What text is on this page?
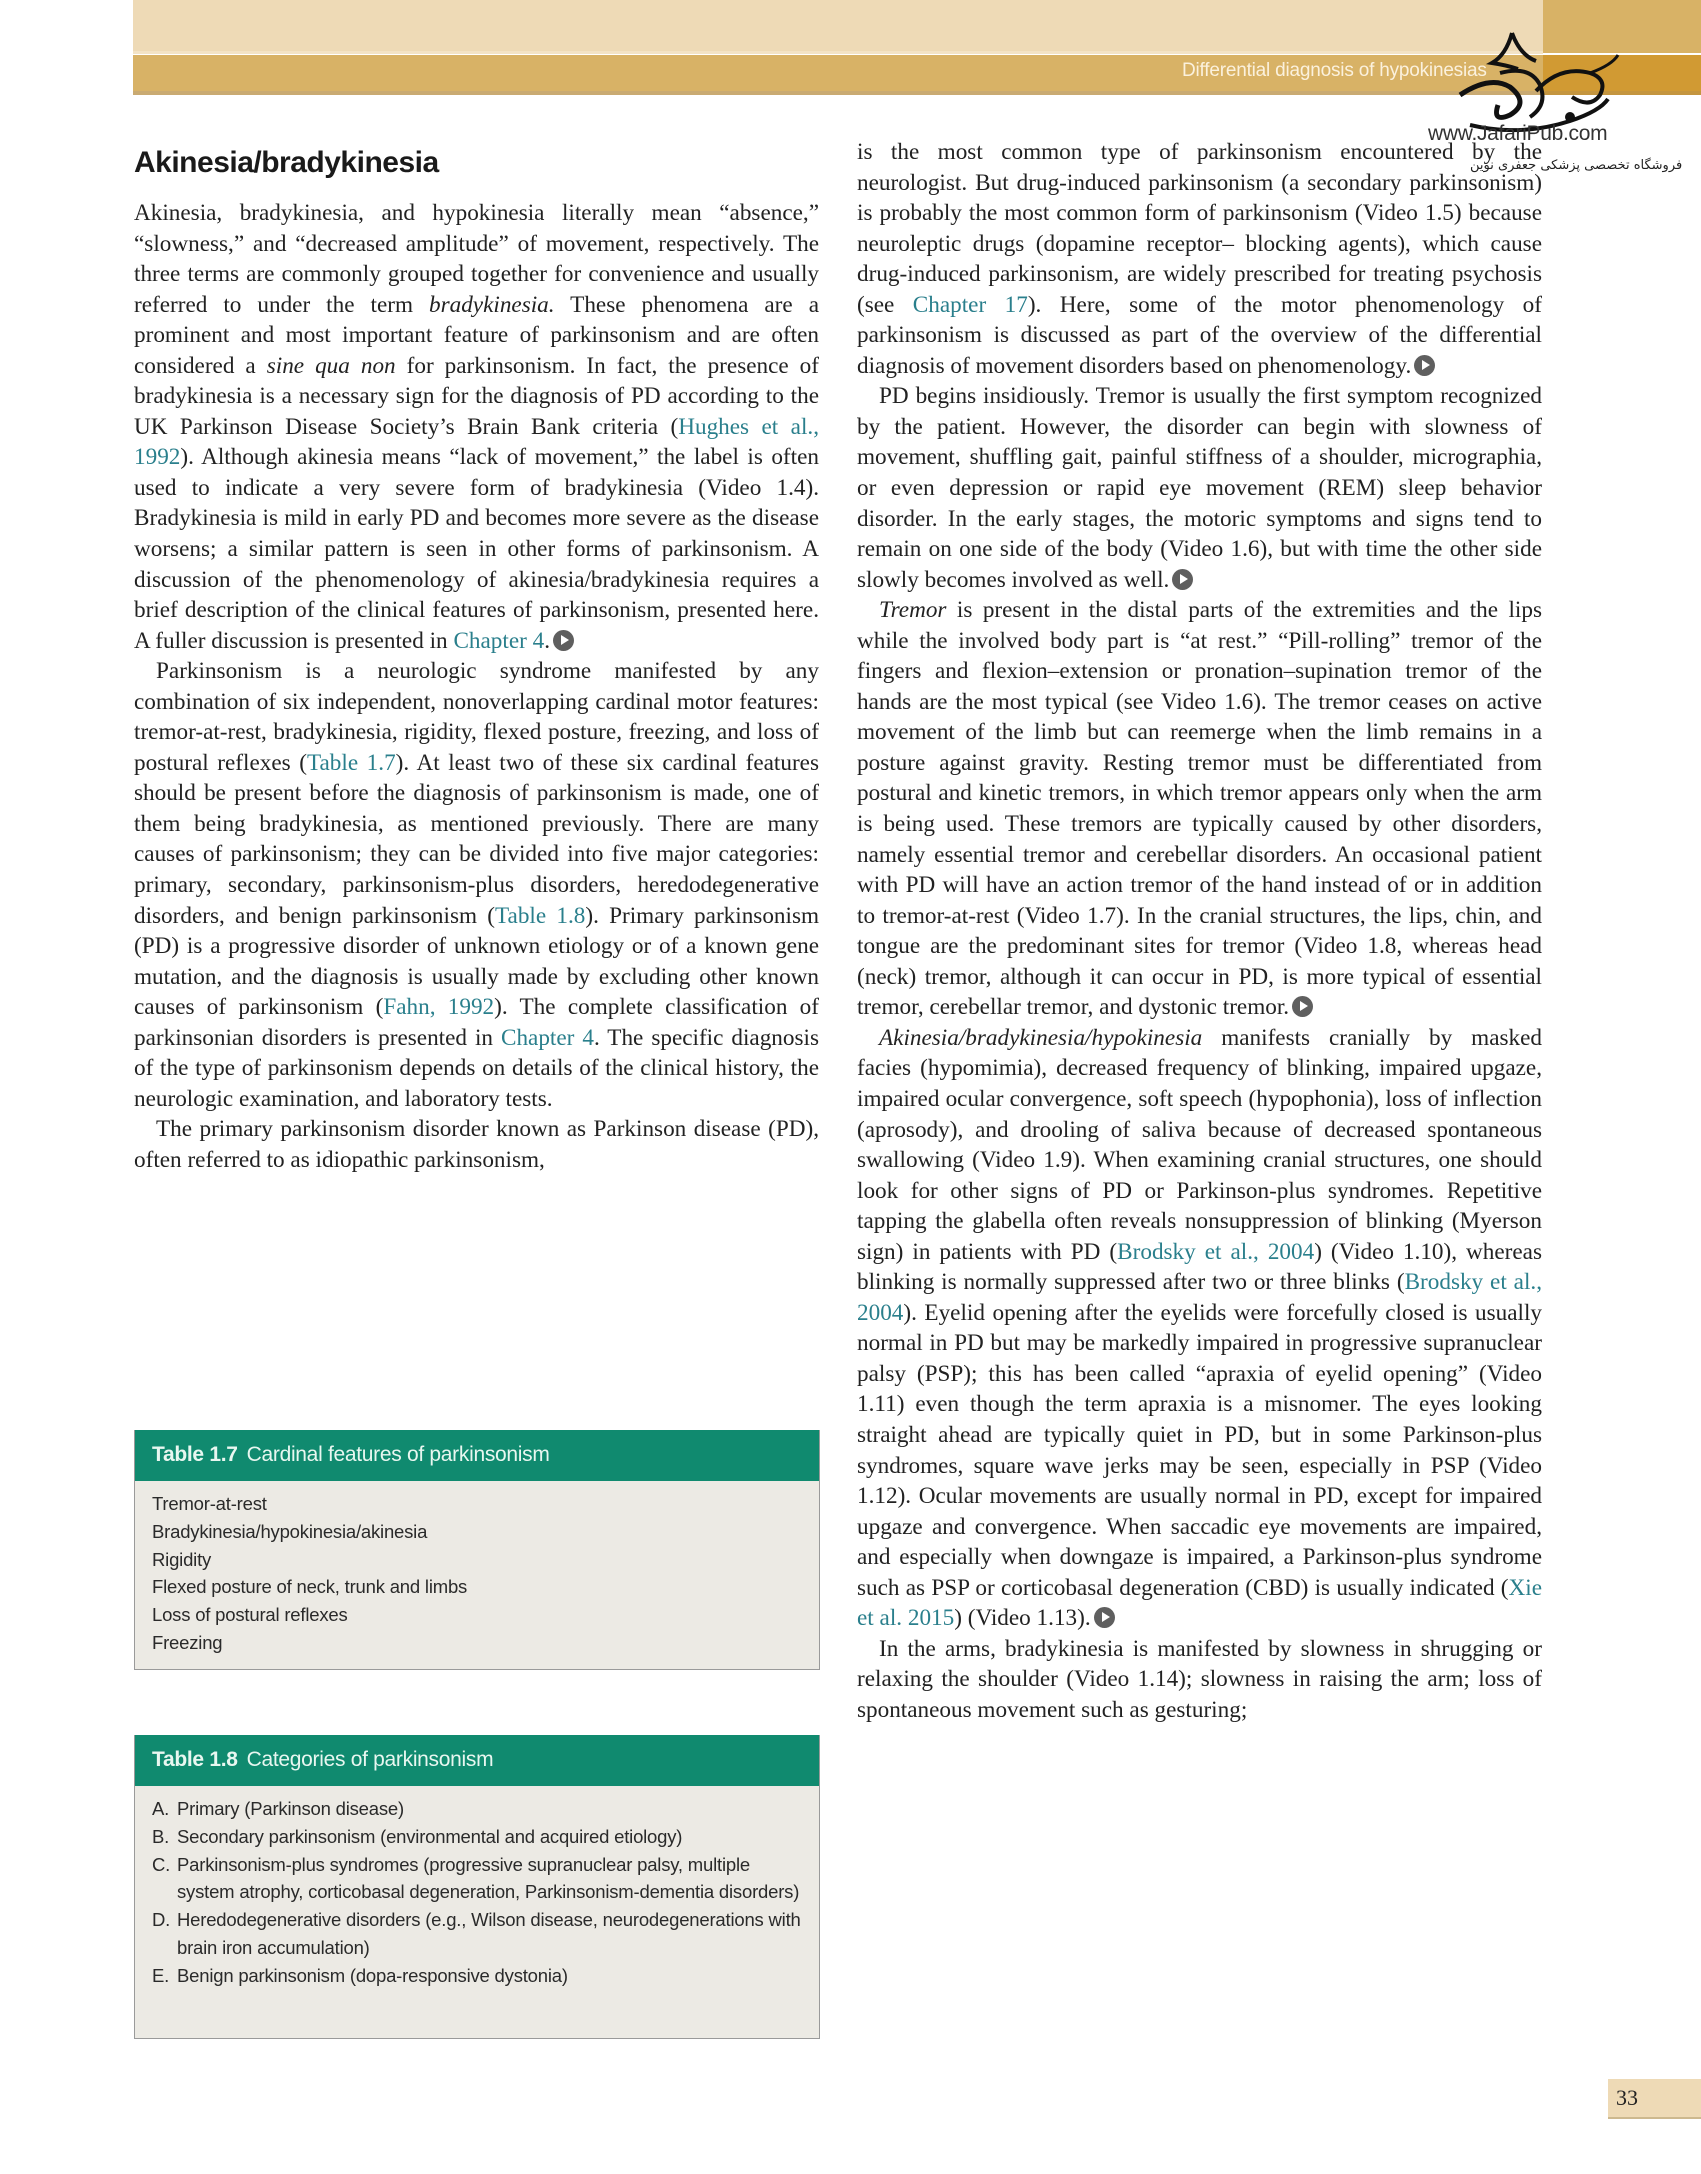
Differential diagnosis of hypokinesias
www.JafariPub.com
فروشگاه تخصصی پزشکی جعفری نوین
Akinesia/bradykinesia

Akinesia, bradykinesia, and hypokinesia literally mean “absence,” “slowness,” and “decreased amplitude” of movement, respectively. The three terms are commonly grouped together for convenience and usually referred to under the term bradykinesia. These phenomena are a prominent and most important feature of parkinsonism and are often considered a sine qua non for parkinsonism. In fact, the presence of bradykinesia is a necessary sign for the diagnosis of PD according to the UK Parkinson Disease Society’s Brain Bank criteria (Hughes et al., 1992). Although akinesia means “lack of movement,” the label is often used to indicate a very severe form of bradykinesia (Video 1.4). Bradykinesia is mild in early PD and becomes more severe as the disease worsens; a similar pattern is seen in other forms of parkinsonism. A discussion of the phenomenology of akinesia/bradykinesia requires a brief description of the clinical features of parkinsonism, presented here. A fuller discussion is presented in Chapter 4.

Parkinsonism is a neurologic syndrome manifested by any combination of six independent, nonoverlapping cardinal motor features: tremor-at-rest, bradykinesia, rigidity, flexed posture, freezing, and loss of postural reflexes (Table 1.7). At least two of these six cardinal features should be present before the diagnosis of parkinsonism is made, one of them being bradykinesia, as mentioned previously. There are many causes of parkinsonism; they can be divided into five major categories: primary, secondary, parkinsonism-plus disorders, heredodegenerative disorders, and benign parkinsonism (Table 1.8). Primary parkinsonism (PD) is a progressive disorder of unknown etiology or of a known gene mutation, and the diagnosis is usually made by excluding other known causes of parkinsonism (Fahn, 1992). The complete classification of parkinsonian disorders is presented in Chapter 4. The specific diagnosis of the type of parkinsonism depends on details of the clinical history, the neurologic examination, and laboratory tests.

The primary parkinsonism disorder known as Parkinson disease (PD), often referred to as idiopathic parkinsonism,

Table 1.7 Cardinal features of parkinsonism
Tremor-at-rest
Bradykinesia/hypokinesia/akinesia
Rigidity
Flexed posture of neck, trunk and limbs
Loss of postural reflexes
Freezing
Table 1.8 Categories of parkinsonism
A. Primary (Parkinson disease)
B. Secondary parkinsonism (environmental and acquired etiology)
C. Parkinsonism-plus syndromes (progressive supranuclear palsy, multiple system atrophy, corticobasal degeneration, Parkinsonism-dementia disorders)
D. Heredodegenerative disorders (e.g., Wilson disease, neurodegenerations with brain iron accumulation)
E. Benign parkinsonism (dopa-responsive dystonia)

is the most common type of parkinsonism encountered by the neurologist. But drug-induced parkinsonism (a secondary parkinsonism) is probably the most common form of parkinsonism (Video 1.5) because neuroleptic drugs (dopamine receptor– blocking agents), which cause drug-induced parkinsonism, are widely prescribed for treating psychosis (see Chapter 17). Here, some of the motor phenomenology of parkinsonism is discussed as part of the overview of the differential diagnosis of movement disorders based on phenomenology.

PD begins insidiously. Tremor is usually the first symptom recognized by the patient. However, the disorder can begin with slowness of movement, shuffling gait, painful stiffness of a shoulder, micrographia, or even depression or rapid eye movement (REM) sleep behavior disorder. In the early stages, the motoric symptoms and signs tend to remain on one side of the body (Video 1.6), but with time the other side slowly becomes involved as well.

Tremor is present in the distal parts of the extremities and the lips while the involved body part is “at rest.” “Pill-rolling” tremor of the fingers and flexion–extension or pronation–supination tremor of the hands are the most typical (see Video 1.6). The tremor ceases on active movement of the limb but can reemerge when the limb remains in a posture against gravity. Resting tremor must be differentiated from postural and kinetic tremors, in which tremor appears only when the arm is being used. These tremors are typically caused by other disorders, namely essential tremor and cerebellar disorders. An occasional patient with PD will have an action tremor of the hand instead of or in addition to tremor-at-rest (Video 1.7). In the cranial structures, the lips, chin, and tongue are the predominant sites for tremor (Video 1.8, whereas head (neck) tremor, although it can occur in PD, is more typical of essential tremor, cerebellar tremor, and dystonic tremor.

Akinesia/bradykinesia/hypokinesia manifests cranially by masked facies (hypomimia), decreased frequency of blinking, impaired upgaze, impaired ocular convergence, soft speech (hypophonia), loss of inflection (aprosody), and drooling of saliva because of decreased spontaneous swallowing (Video 1.9). When examining cranial structures, one should look for other signs of PD or Parkinson-plus syndromes. Repetitive tapping the glabella often reveals nonsuppression of blinking (Myerson sign) in patients with PD (Brodsky et al., 2004) (Video 1.10), whereas blinking is normally suppressed after two or three blinks (Brodsky et al., 2004). Eyelid opening after the eyelids were forcefully closed is usually normal in PD but may be markedly impaired in progressive supranuclear palsy (PSP); this has been called “apraxia of eyelid opening” (Video 1.11) even though the term apraxia is a misnomer. The eyes looking straight ahead are typically quiet in PD, but in some Parkinson-plus syndromes, square wave jerks may be seen, especially in PSP (Video 1.12). Ocular movements are usually normal in PD, except for impaired upgaze and convergence. When saccadic eye movements are impaired, and especially when downgaze is impaired, a Parkinson-plus syndrome such as PSP or corticobasal degeneration (CBD) is usually indicated (Xie et al. 2015) (Video 1.13).

In the arms, bradykinesia is manifested by slowness in shrugging or relaxing the shoulder (Video 1.14); slowness in raising the arm; loss of spontaneous movement such as gesturing;

33
